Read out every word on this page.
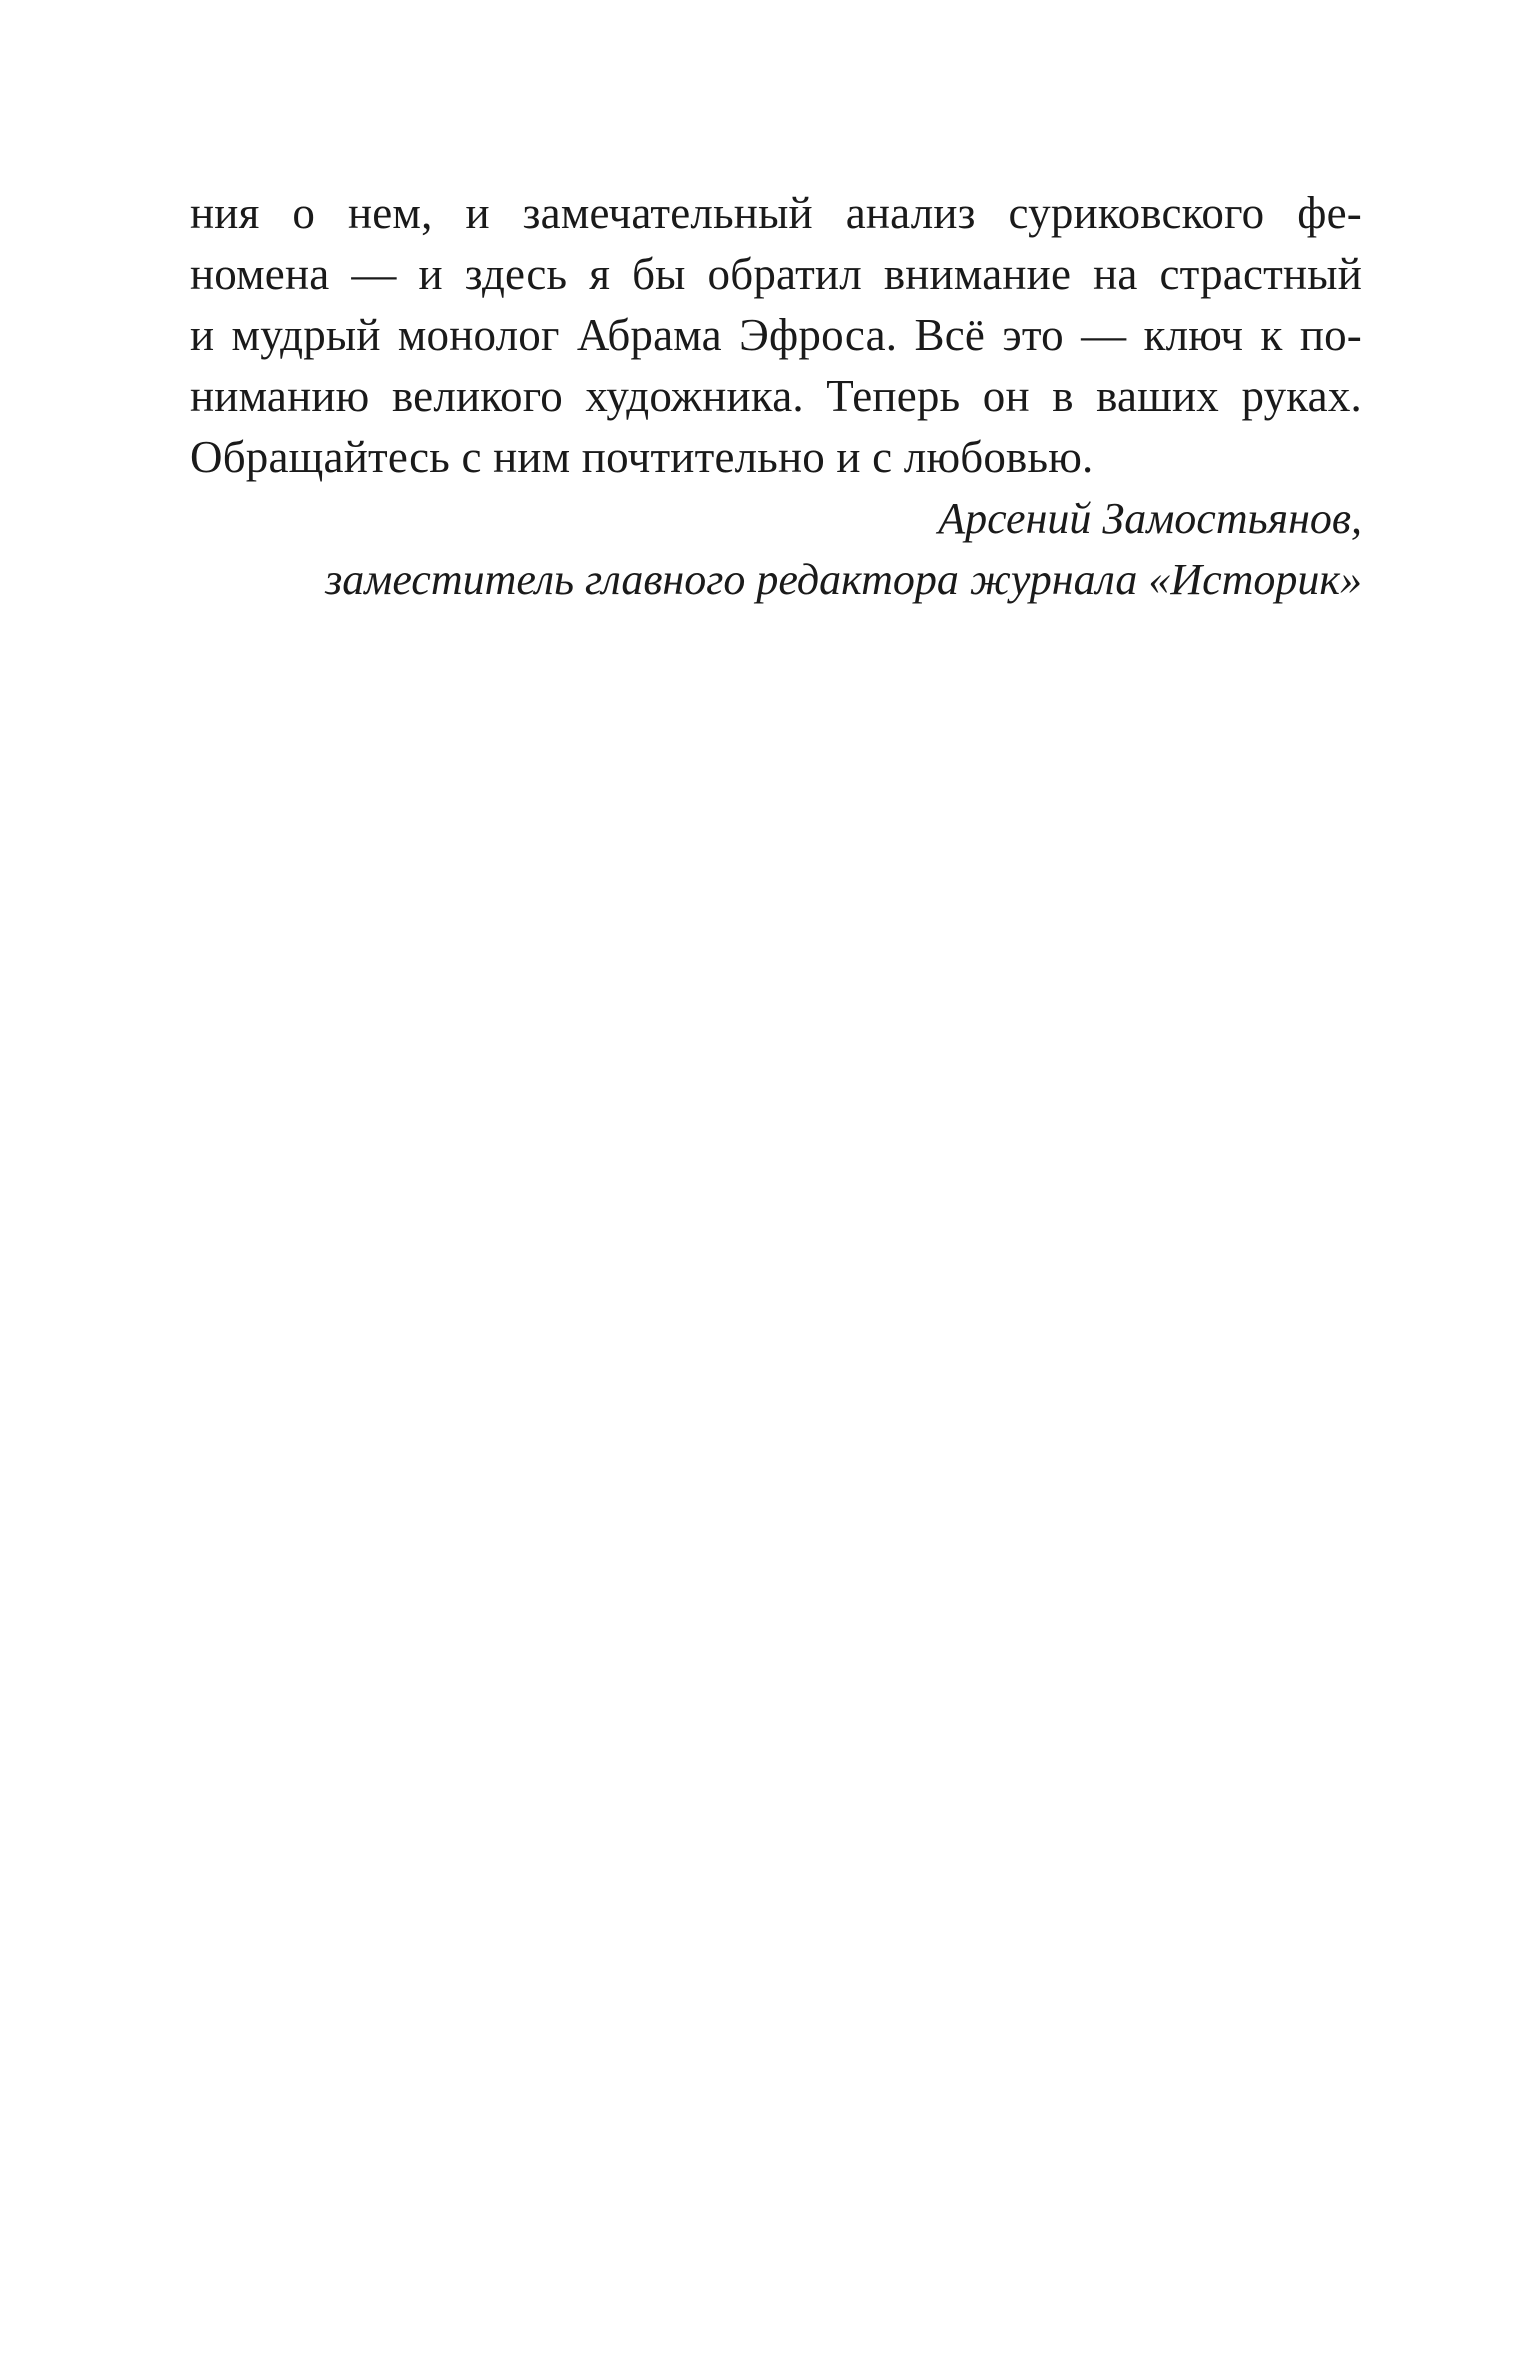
ния о нем, и замечательный анализ суриковского фе-
номена — и здесь я бы обратил внимание на страстный
и мудрый монолог Абрама Эфроса. Всё это — ключ к по-
ниманию великого художника. Теперь он в ваших руках.
Обращайтесь с ним почтительно и с любовью.
Арсений Замостьянов,
заместитель главного редактора журнала «Историк»
